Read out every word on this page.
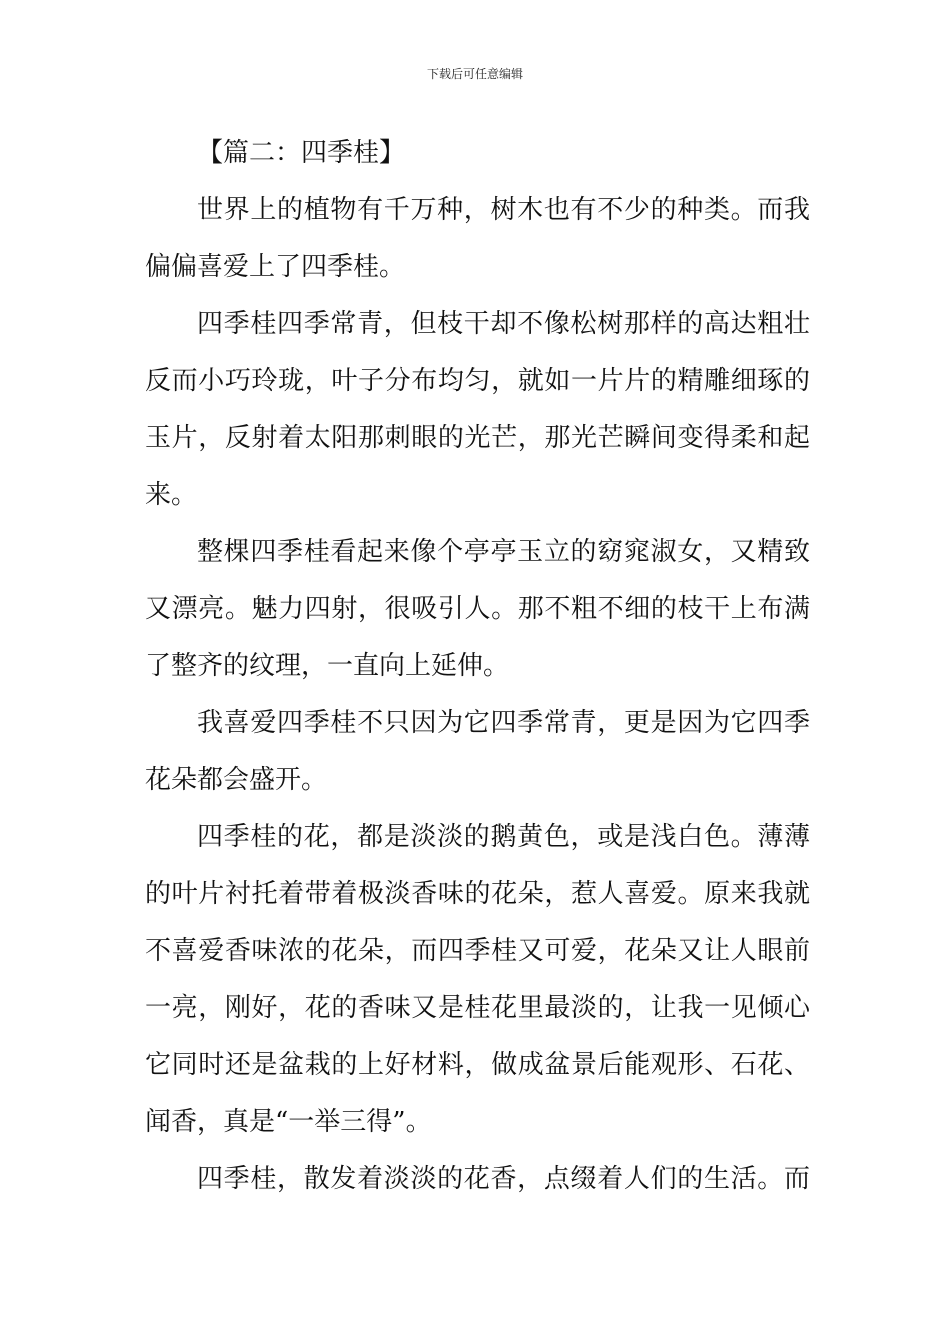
下载后可任意编辑
【篇二：四季桂】

世界上的植物有千万种，树木也有不少的种类。而我
偏偏喜爱上了四季桂。

四季桂四季常青，但枝干却不像松树那样的高达粗壮
反而小巧玲珑，叶子分布均匀，就如一片片的精雕细琢的
玉片，反射着太阳那刺眼的光芒，那光芒瞬间变得柔和起
来。

整棵四季桂看起来像个亭亭玉立的窈窕淑女，又精致
又漂亮。魅力四射，很吸引人。那不粗不细的枝干上布满
了整齐的纹理，一直向上延伸。

我喜爱四季桂不只因为它四季常青，更是因为它四季
花朵都会盛开。

四季桂的花，都是淡淡的鹅黄色，或是浅白色。薄薄
的叶片衬托着带着极淡香味的花朵，惹人喜爱。原来我就
不喜爱香味浓的花朵，而四季桂又可爱，花朵又让人眼前
一亮，刚好，花的香味又是桂花里最淡的，让我一见倾心
它同时还是盆栽的上好材料，做成盆景后能观形、石花、
闻香，真是“一举三得”。

四季桂，散发着淡淡的花香，点缀着人们的生活。而
